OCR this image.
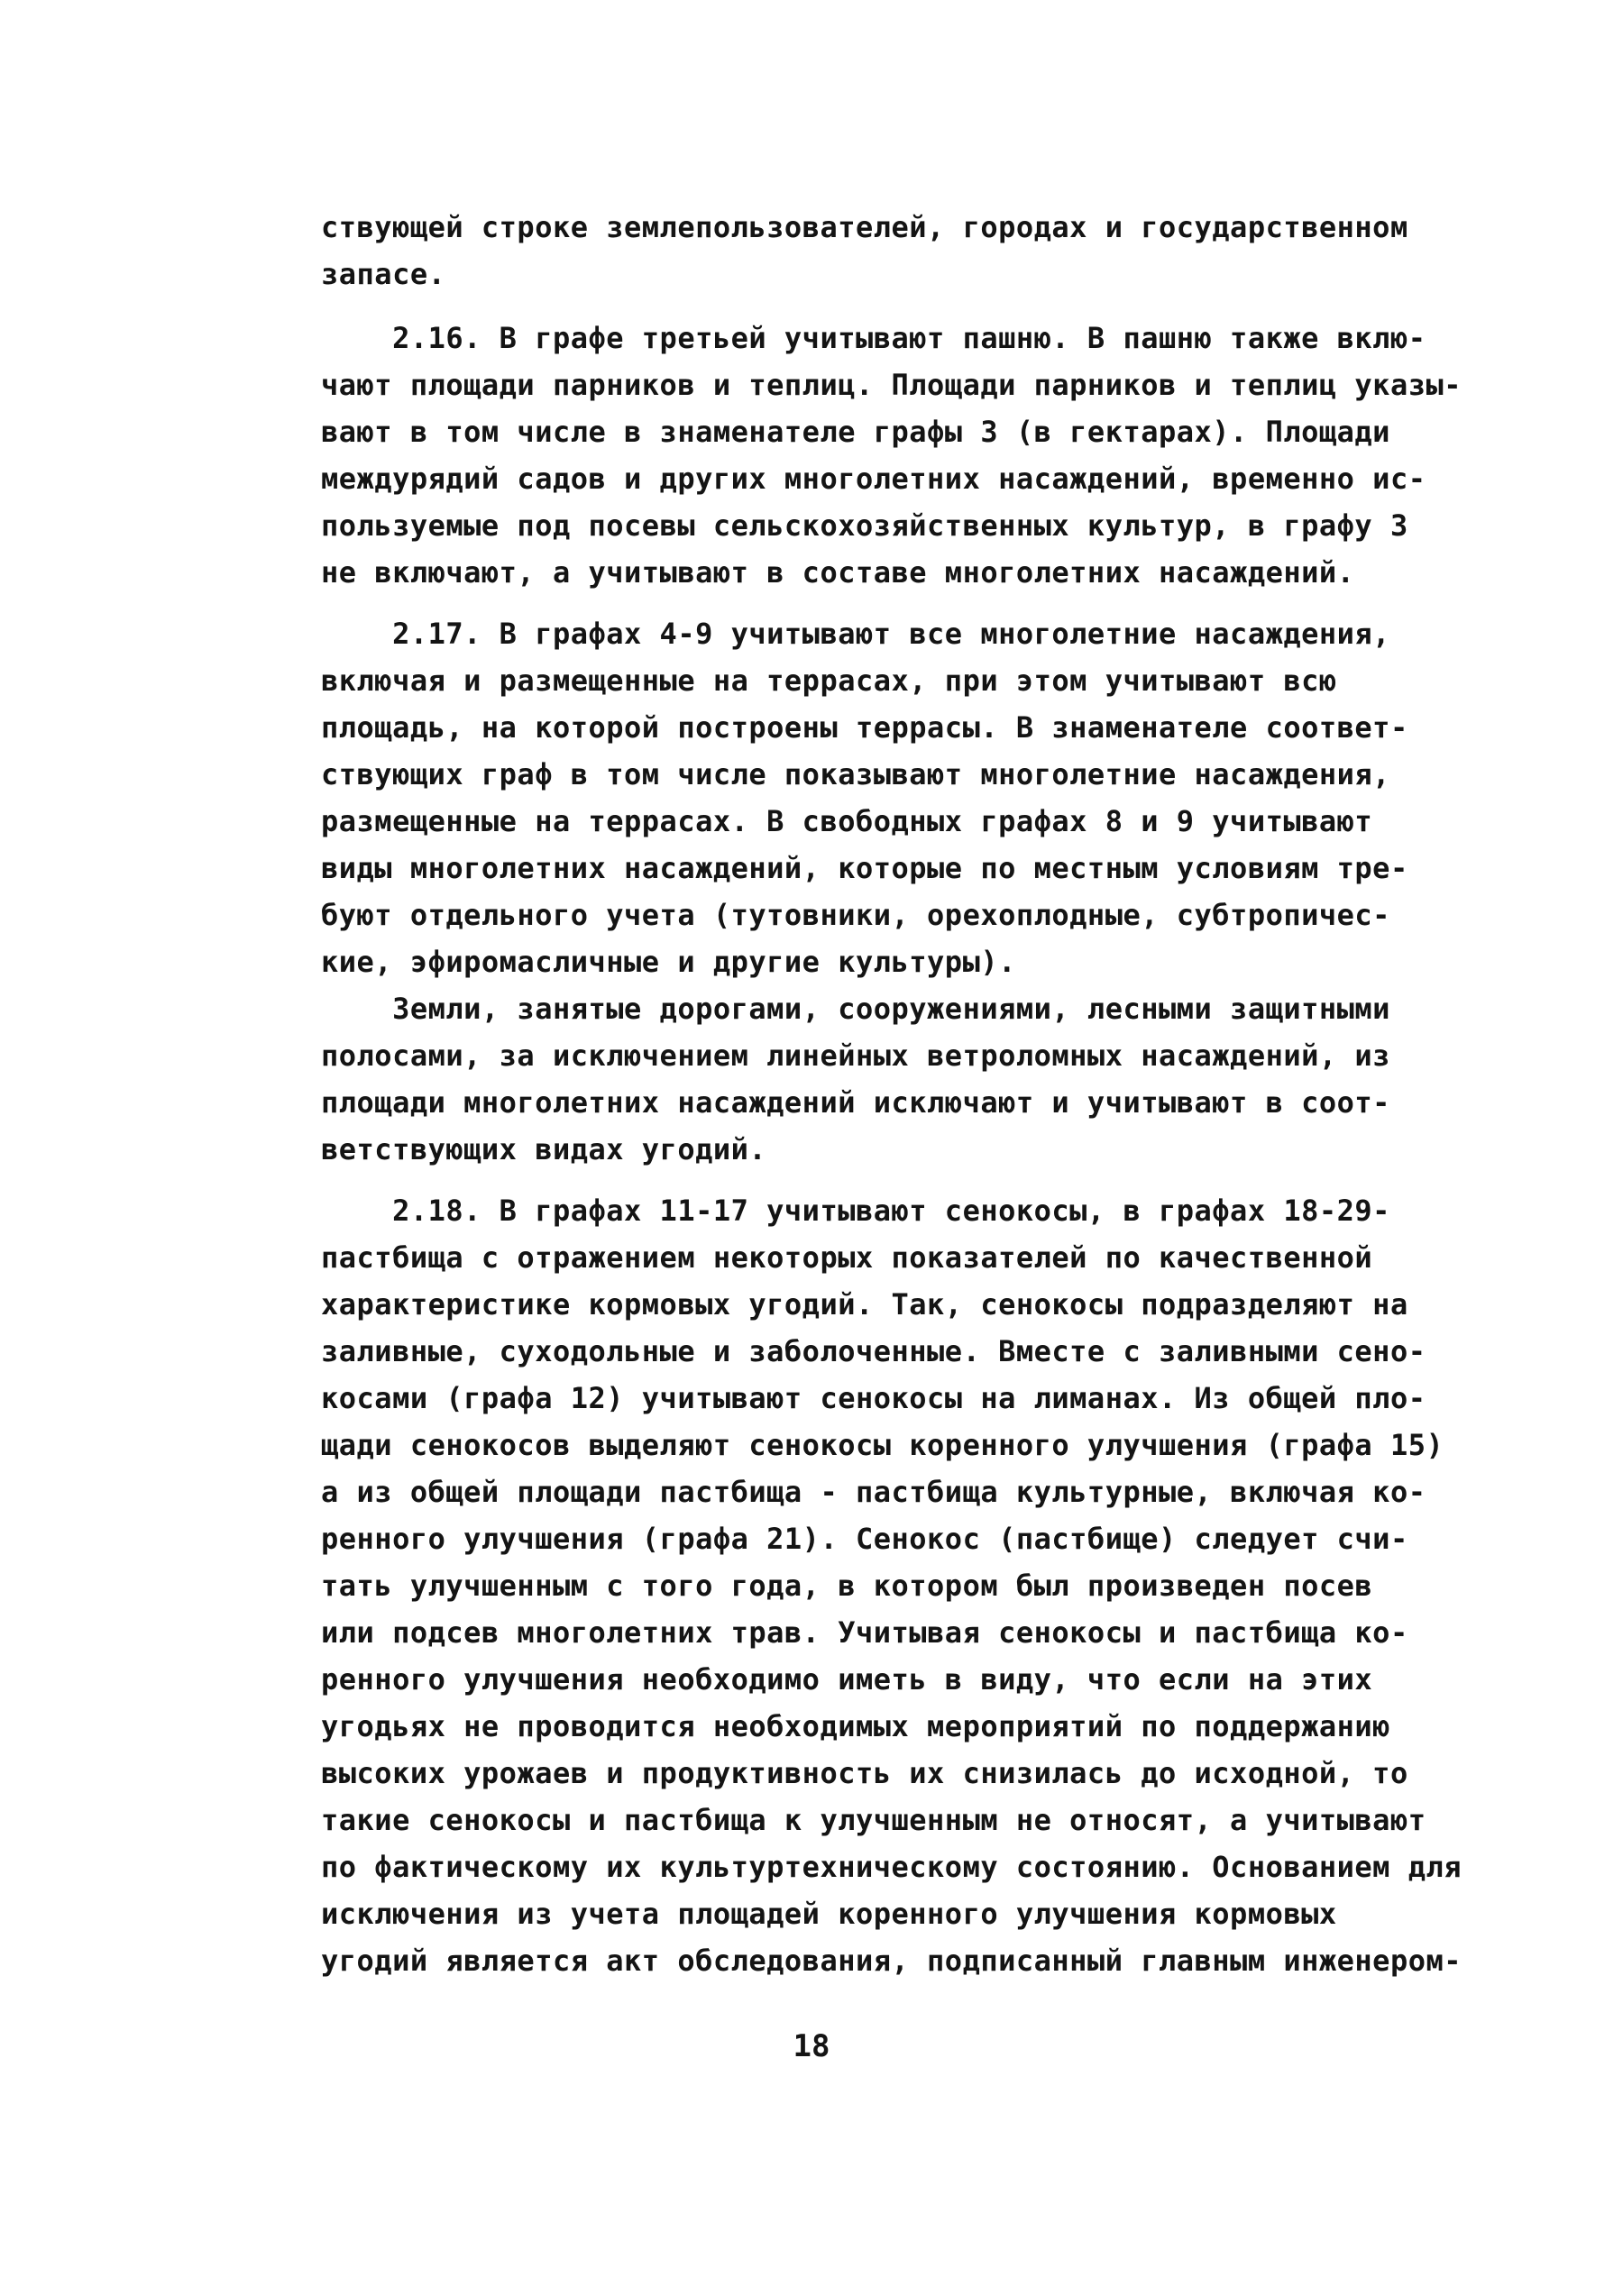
ствующей строке землепользователей, городах и государственном

запасе.

2.16. В графе третьей учитывают пашню. В пашню также вклю-

чают площади парников и теплиц. Площади парников и теплиц указы-

вают в том числе в знаменателе графы 3 (в гектарах). Площади

междурядий садов и других многолетних насаждений, временно ис-

пользуемые под посевы сельскохозяйственных культур, в графу 3

не включают, а учитывают в составе многолетних насаждений.

2.17. В графах 4-9 учитывают все многолетние насаждения,

включая и размещенные на террасах, при этом учитывают всю

площадь, на которой построены террасы. В знаменателе соответ-

ствующих граф в том числе показывают многолетние насаждения,

размещенные на террасах. В свободных графах 8 и 9 учитывают

виды многолетних насаждений, которые по местным условиям тре-

буют отдельного учета (тутовники, орехоплодные, субтропичес-

кие, эфиромасличные и другие культуры).

Земли, занятые дорогами, сооружениями, лесными защитными

полосами, за исключением линейных ветроломных насаждений, из

площади многолетних насаждений исключают и учитывают в соот-

ветствующих видах угодий.

2.18. В графах 11-17 учитывают сенокосы, в графах 18-29-

пастбища с отражением некоторых показателей по качественной

характеристике кормовых угодий. Так, сенокосы подразделяют на

заливные, суходольные и заболоченные. Вместе с заливными сено-

косами (графа 12) учитывают сенокосы на лиманах. Из общей пло-

щади сенокосов выделяют сенокосы коренного улучшения (графа 15)

а из общей площади пастбища - пастбища культурные, включая ко-

ренного улучшения (графа 21). Сенокос (пастбище) следует счи-

тать улучшенным с того года, в котором был произведен посев

или подсев многолетних трав. Учитывая сенокосы и пастбища ко-

ренного улучшения необходимо иметь в виду, что если на этих

угодьях не проводится необходимых мероприятий по поддержанию

высоких урожаев и продуктивность их снизилась до исходной, то

такие сенокосы и пастбища к улучшенным не относят, а учитывают

по фактическому их культуртехническому состоянию. Основанием для

исключения из учета площадей коренного улучшения кормовых

угодий является акт обследования, подписанный главным инженером-

18
